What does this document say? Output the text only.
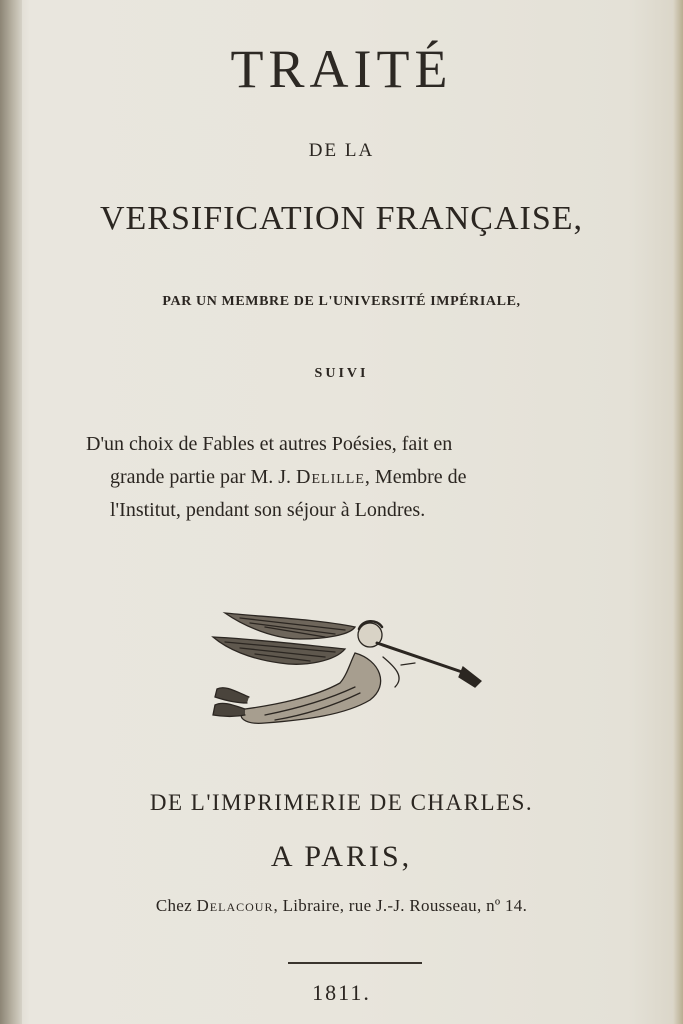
TRAITÉ
DE LA
VERSIFICATION FRANÇAISE,
PAR UN MEMBRE DE L'UNIVERSITÉ IMPÉRIALE,
SUIVI
D'un choix de Fables et autres Poésies, fait en
grande partie par M. J. Delille, Membre de
l'Institut, pendant son séjour à Londres.
DE L'IMPRIMERIE DE CHARLES.
A PARIS,
Chez Delacour, Libraire, rue J.-J. Rousseau, nº 14.
1811.
